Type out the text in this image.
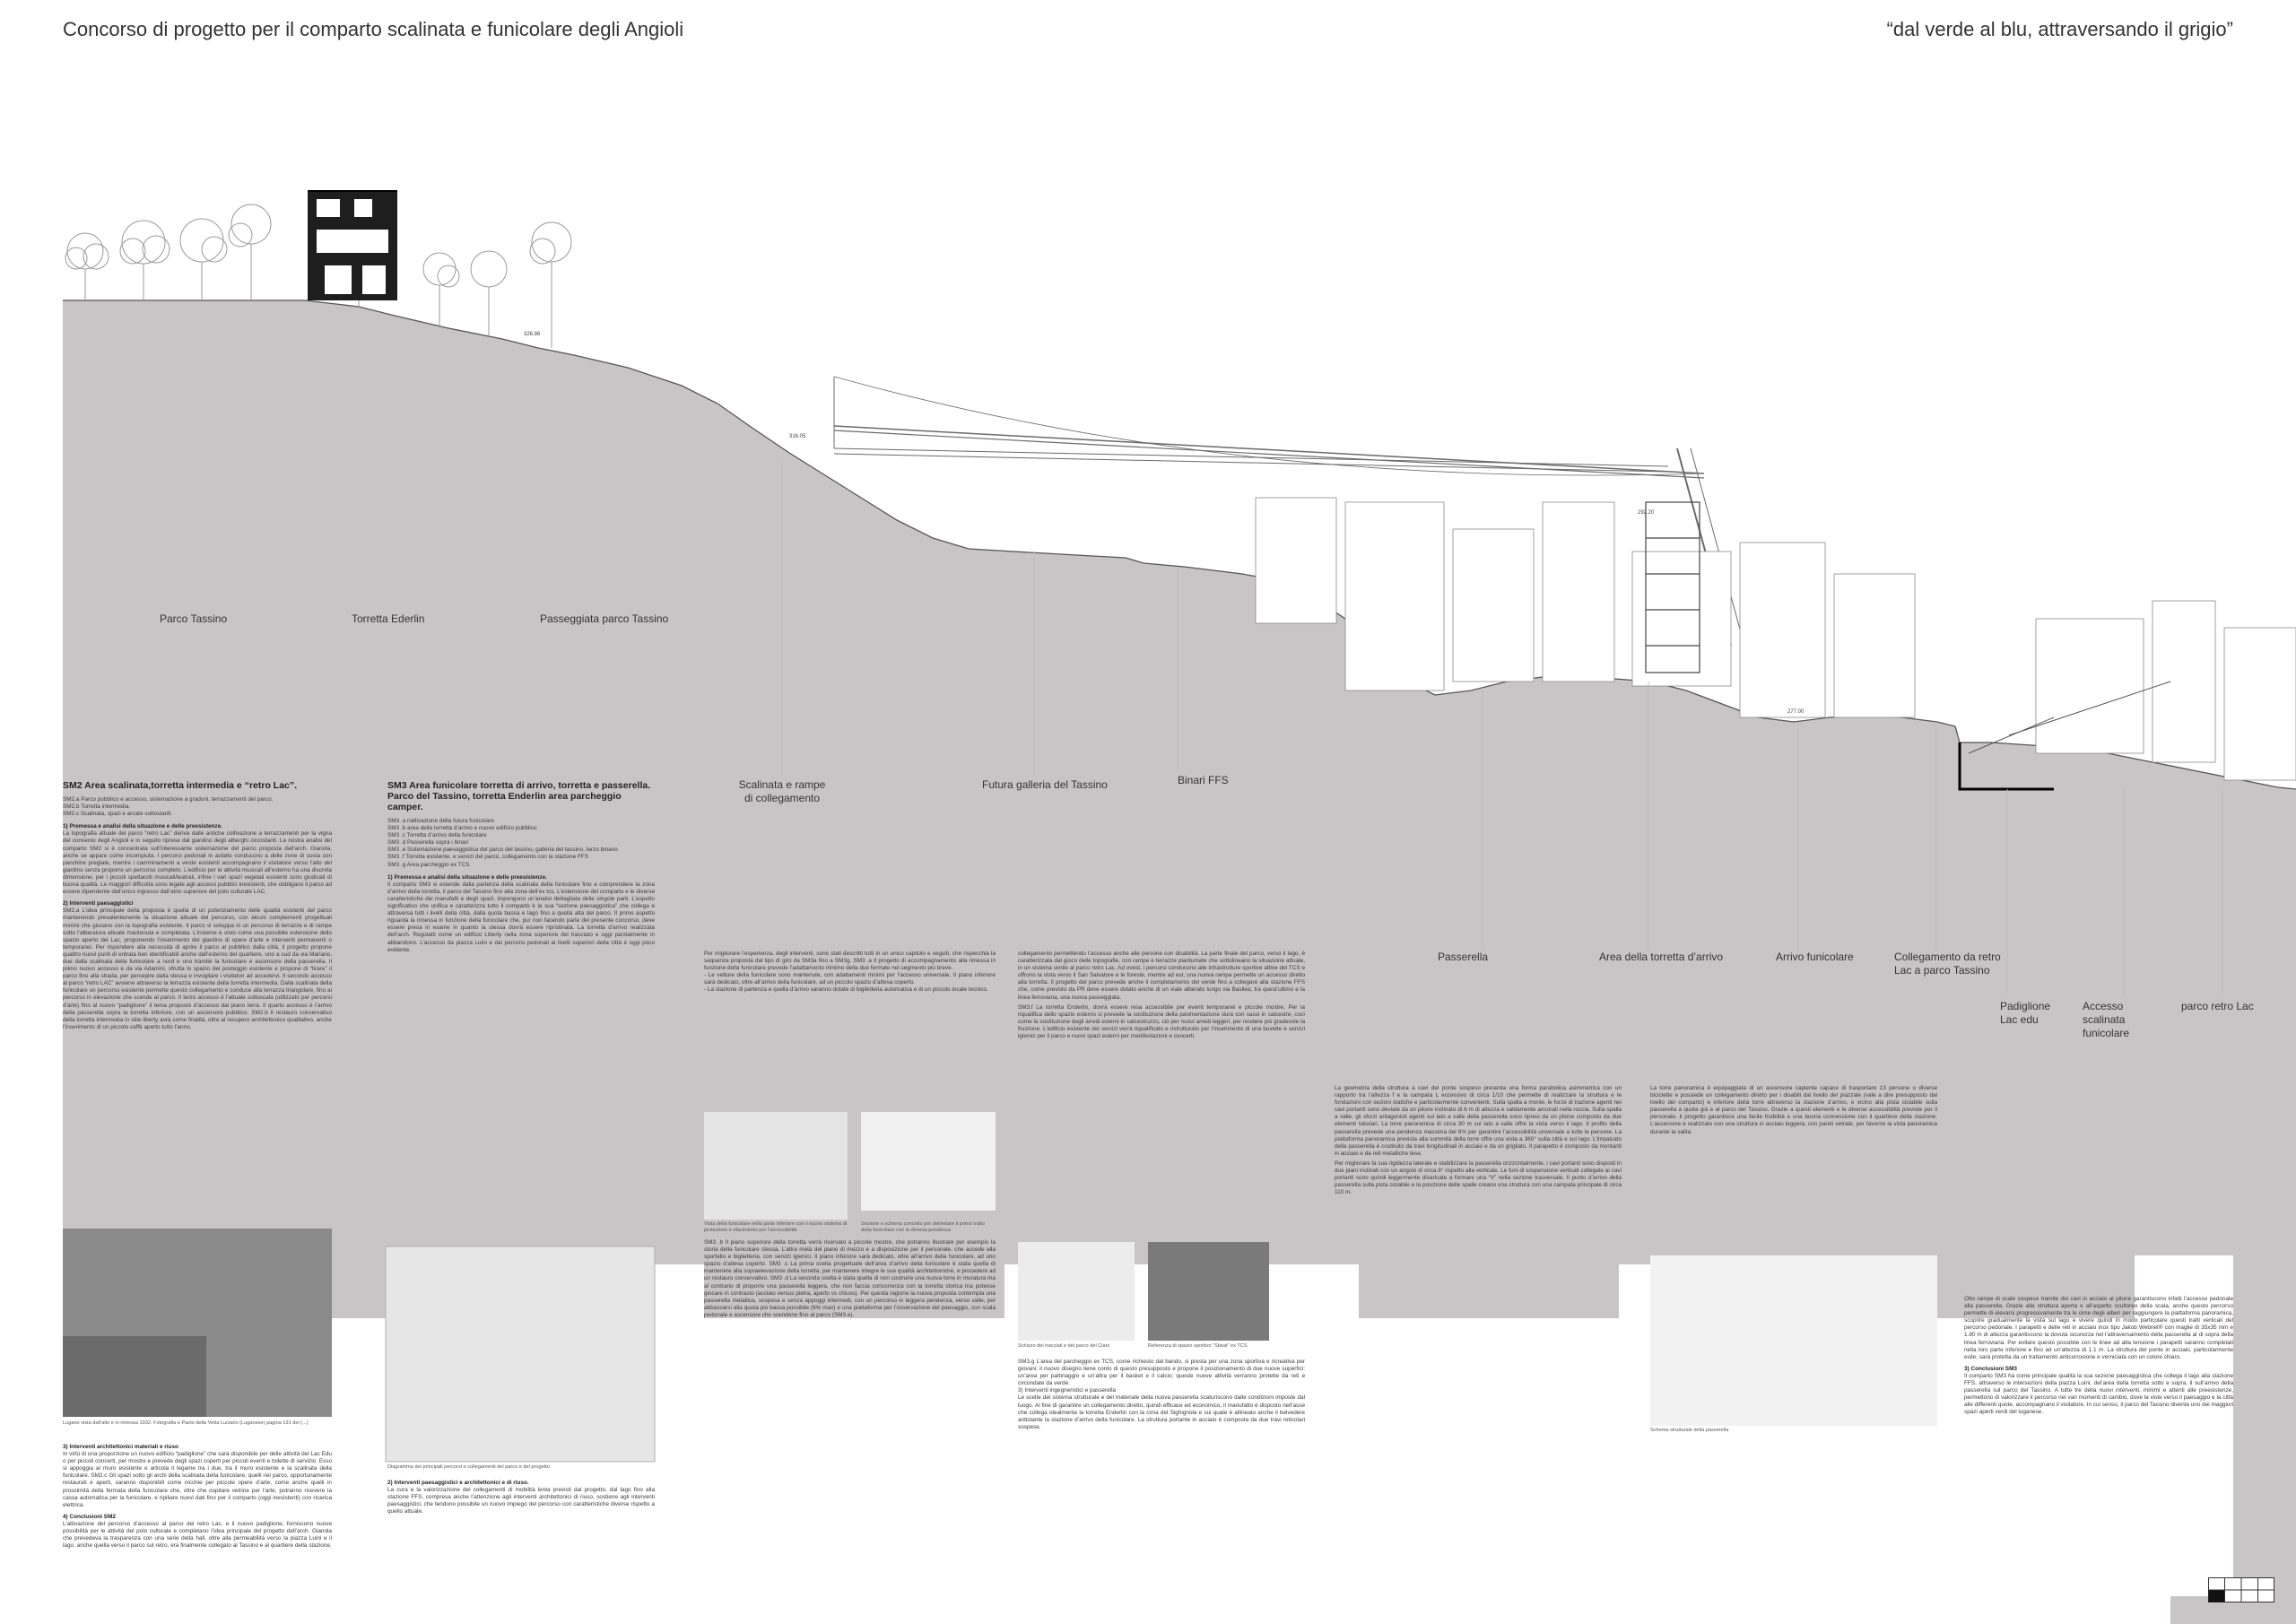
Concorso di progetto per il comparto scalinata e funicolare degli Angioli	“dal verde al blu, attraversando il grigio”
326.86
316.05
292.20
277.00
Parco Tassino	Torretta Ederlin	Passeggiata parco Tassino
Scalinata e rampe di collegamento
Futura galleria del Tassino	Binari FFS
Passerella	Area della torretta d’arrivo	Arrivo funicolare	Collegamento da retro Lac a parco Tassino
Padiglione Lac edu
Accesso scalinata funicolare
parco retro Lac
SM2 Area scalinata,torretta intermedia e “retro Lac”.
SM2.a Parco pubblico e accesso, sistemazione a gradoni, terrazzamenti del parco.
SM2.b Torretta intermedia.
SM2.c Scalinata, spazi e arcate sottostanti.
1) Premessa e analisi della situazione e delle preesistenze.

La topografia attuale del parco “retro Lac” deriva dalle antiche coltivazione a terrazzamenti per la vigna del convento degli Angioli e in seguito riprese dal giardino degli alberghi circostanti. La nostra analisi del comparto SM2 si è concentrata sull’interessante sistemazione del parco proposta dall’arch. Gianola, anche se appare come incompiuta. I percorsi pedonali in asfalto conducono a delle zone di sosta con panchine pregiate, mentre i camminamenti a verde esistenti accompagnano il visitatore verso l’alto del giardino senza proporre un percorso completo. L’edificio per le attività musicali all’esterno ha una discreta dimensione, per i piccoli spettacoli musicali/teatrali, infine i vari spazi vegetali esistenti sono giudicati di buona qualità. Le maggiori difficoltà sono legate agli accessi pubblici inesistenti, che obbligano il parco ad essere dipendente dall’unico ingresso dall’atrio superiore del polo culturale LAC.

2) Interventi paesaggistici

SM2.a L’idea principale della proposta è quella di un potenziamento delle qualità esistenti del parco mantenendo prevalentemente la situazione attuale del percorso, con alcuni complementi progettuali minimi che giocano con la topografia esistente. Il parco si sviluppa in un percorso di terrazze e di rampe sotto l’alberatura attuale mantenuta e completata. L’insieme è visto come una possibile estensione dello spazio aperto del Lac, proponendo l’inserimento del giardino di opere d’arte e interventi permanenti o temporanei. Per rispondere alla necessità di aprire il parco al pubblico dalla città, il progetto propone quattro nuovi punti di entrata ben identificabili anche dall’esterno del quartiere, uno a sud da via Mariano, due dalla scalinata della funicolare a nord e uno tramite la funicolare e ascensore della passerella. Il primo nuovo accesso è da via Adamini, sfrutta lo spazio del posteggio esistente e propone di “tirare” il parco fino alla strada, per percepire dalla stessa e invogliare i visitatori ad accedervi. Il secondo accesso al parco “retro LAC” avviene attraverso la terrazza esistente della torretta intermedia. Dalla scalinata della funicolare un percorso esistente permette questo collegamento e conduce alla terrazza triangolare, fino al percorso in elevazione che scende al parco. Il terzo accesso è l’attuale sottoscala (utilizzato per percorsi d’arte) fino al nuovo “padiglione” il tema proposto d’accesso dal piano terra. Il quarto accesso è l’arrivo della passerella sopra la torretta inferiore, con un ascensore pubblico. SM2.b Il restauro conservativo della torretta intermedia in stile liberty avrà come finalità, oltre al recupero architettonico qualitativo, anche l’inserimento di un piccolo caffè aperto tutto l’anno.

Lugano vista dall’alto e in rimessa 1932. Fotografia e Paolo della Vetta Luciano (Luganese) pagina 131 del (...)
3) Interventi architettonici materiali e riuso

In virtù di una proporzione un nuovo edificio “padiglione” che sarà disponibile per delle attività del Lac Edu o per piccoli concerti, per mostre e prevede degli spazi coperti per piccoli eventi e toilette di servizio. Esso si appoggia al muro esistente e articola il legame tra i due, tra il muro esistente e la scalinata della funicolare. SM2.c Gli spazi sotto gli archi della scalinata della funicolare, quelli nel parco, opportunamente restaurati e aperti, saranno disponibili come nicchie per piccole opere d’arte, come anche quelli in prossimità della fermata della funicolare che, oltre che ospitare vetrine per l’arte, potranno ricevere la cassa automatica per la funicolare, e ripiliare nuovi dati fino per il comparto (oggi inesistenti) con ricarica elettrica.

4) Conclusioni SM2

L’attivazione del percorso d’accesso al parco del retro Lac, e il nuovo padiglione, forniscono nuove possibilità per le attività del polo culturale e completano l’idea principale del progetto dell’arch. Gianola che prevedeva la trasparenza con una serie della hall, oltre alla permeabilità verso la piazza Luini e il lago, anche quella verso il parco sul retro, era finalmente collegato al Tassino e al quartiere della stazione.

SM3 Area funicolare torretta di arrivo, torretta e passerella. Parco del Tassino, torretta Enderlin area parcheggio camper.
SM3 .a riattivazione della futura funicolare
SM3 .b area della torretta d’arrivo e nuovo edificio pubblico
SM3 .c Torretta d’arrivo della funicolare
SM3 .d Passerella sopra i binari
SM3 .e Sistemazione paesaggistica del parco del tassino, galleria del tassino, terzo binario
SM3 .f Torretta esistente, e servizi del parco, collegamento con la stazione FFS
SM3 .g Area parcheggio ex TCS
1) Premessa e analisi della situazione e delle preesistenze.

Il comparto SM3 si estende dalla partenza della scalinata della funicolare fino a comprendere la zona d’arrivo della torretta, il parco del Tassino fino alla zona dell’ex tcs. L’estensione del comparto e le diverse caratteristiche dei manufatti e degli spazi, impongono un’analisi dettagliata delle singole parti. L’aspetto significativo che unifica e caratterizza tutto il comparto è la sua “sezione paesaggistica” che collega e attraversa tutti i livelli della città, dalla quota bassa e lago fino a quella alta del parco. Il primo aspetto riguarda la rimessa in funzione della funicolare che, pur non facendo parte del presente concorso, deve essere presa in esame in quanto la stessa dovrà essere ripristinata. La torretta d’arrivo realizzata dell’arch. Regolatti come un edificio Liberty nella zona superiore del tracciato e oggi parzialmente in abbandono. L’accesso da piazza Luini e dai percorsi pedonali ai livelli superiori della città è oggi poco evidente.

Diagramma dei principali percorsi e collegamenti del parco e del progetto
2) Interventi paesaggistici e architettonici e di riuso.

La cura e la valorizzazione dei collegamenti di mobilità lenta previsti dal progetto, dal lago fino alla stazione FFS, compresa anche l’attenzione agli interventi architettonici di riuso, sostiene agli interventi paesaggistici, che tendono possibile un nuovo impiego del percorso con caratteristiche diverse rispetto a quello attuale.

Per migliorare l’esperienza, degli interventi, sono stati descritti tutti in un unico capitolo e seguiti, che rispecchia la sequenza proposta dal tipo di giro da SM3a fino a SM3g. SM3 .a Il progetto di accompagnamento alla rimessa in funzione della funicolare prevede l’adattamento minimo della due fermate nel segmento più breve.
- Le vetture della funicolare sono mantenute, con adattamenti minimi per l’accesso universale. Il piano inferiore sarà dedicato, oltre all’arrivo della funicolare, ad un piccolo spazio d’attesa coperto.
- La stazione di partenza e quella d’arrivo saranno dotate di biglietteria automatica e di un piccolo locale tecnico.

Vista della funicolare nella parte inferiore con il nuovo sistema di protezione e rifacimento per l’accessibilità
Sezione e schema concetto per delimitare il primo tratto della funicolare con la diversa pendenza

SM3 .b Il piano superiore della torretta verrà riservato a piccole mostre, che potranno illustrare per esempio la storia della funicolare stessa. L’altra metà del piano di mezzo e a disposizione per il personale, che accede alla sportello e biglietteria, con servizi igienici. Il piano inferiore sarà dedicato, oltre all’arrivo della funicolare, ad uno spazio d’attesa coperto. SM3 .c La prima scelta progettuale dell’area d’arrivo della funicolare è stata quella di mantenere alla sopraelevazione della torretta, per mantenere integre le sue qualità architettoniche, e procedere ad un restauro conservativo. SM3 .d La seconda scelta è stata quella di non costruire una nuova torre in muratura ma al contrario di proporre una passerella leggera, che non faccia concorrenza con la torretta storica ma potesse giocare in contrasto (acciaio versus pietra, aperto vs chiuso). Per questa ragione la nuova proposta contempla una passerella metallica, sospesa e senza appoggi intermedi, con un percorso in leggera pendenza, verso valle, per abbassarsi alla quota più bassa possibile (6% max) e una piattaforma per l’osservazione del paesaggio, con scala pedonale e ascensore che scendono fino al parco (SM3.e).

collegamento permettendo l’accesso anche alle persone con disabilità. La parte finale del parco, verso il lago, è caratterizzata dal gioco delle topografie, con rampe e terrazze piantumate che sottolineano la situazione attuale, in un sistema simile al parco retro Lac. Ad ovest, i percorsi conducono alle infrastrutture sportive attive del TCS e offrono la vista verso il San Salvatore e le foreste, mentre ad est, una nuova rampa permette un accesso diretto alla torretta. Il progetto del parco prevede anche il completamento del verde fino a collegare alla stazione FFS che, come previsto da PR deve essere dotato anche di un viale alberato lungo via Basilea; tra quest’ultimo e la linea ferroviaria, una nuova passeggiata.

SM3.f La torretta Enderlin, dovrà essere resa accessibile per eventi temporanei e piccole mostre. Per la riqualifica dello spazio esterno si prevede la sostituzione della pavimentazione dura con sassi in calcestre, così come la sostituzione degli arredi esterni in calcestruzzo, ciò per nuovi arredi leggeri, per rendere più gradevole la fruizione. L’edificio esistente dei servizi verrà riqualificato e ristrutturato per l’inserimento di una buvette e servizi igienici per il parco e nuovi spazi esterni per manifestazioni e concerti.

Schizzo dei tracciati e del parco del Ciani	Referenza di spazio sportivo “Sbeat” ex TCS

SM3.g L’area del parcheggio ex TCS, come richiesto dal bando, si presta per una zona sportiva e ricreativa per giovani; il nuovo disegno tiene conto di questo presupposto e propone il posizionamento di due nuove superfici: un’area per pattinaggio e un’altra per il basket e il calcio; queste nuove attività verranno protette da reti e circondate da verde.
3) Interventi ingegneristici e passerella
Le scelte del sistema strutturale e del materiale della nuova passerella scaturiscono dalle condizioni imposte dal luogo. Al fine di garantire un collegamento diretto, quindi efficace ed economico, il manufatto è disposto nell’asse che collega idealmente la torretta Enderlin con la cima del Sighignola e sui quale è allineato anche il belvedere antistante la stazione d’arrivo della funicolare. La struttura portante in acciaio è composta da due travi reticolari sospese.

La geometria della struttura a cavi del ponte sospeso presenta una forma parabolica asimmetrica con un rapporto tra l’altezza f e la campata L eccessivo di circa 1/10 che permette di realizzare la struttura e le fondazioni con sezioni statiche e particolarmente convenienti. Sulla spalla a monte, le forze di trazione agenti nei cavi portanti sono deviate da un pilone inclinato di 6 m di altezza e saldamente ancorati nella roccia. Sulla spalla a valle, gli sforzi antagonisti agenti sul lato a valle della passerella sono ripresi da un pilone composto da due elementi tubolari. La torre panoramica di circa 30 m sul lato a valle offre la vista verso il lago. Il profilo della passerella prevede una pendenza massima del 6% per garantire l’accessibilità universale a tutte le persone. La piattaforma panoramica prevista alla sommità della torre offre una vista a 360° sulla città e sul lago. L’impalcato della passerella è costituito da travi longitudinali in acciaio e da un grigliato. Il parapetto è composto da montanti in acciaio e da reti metalliche tese.

Per migliorare la sua rigidezza laterale e stabilizzare la passerella orizzontalmente, i cavi portanti sono disposti in due piani inclinati con un angolo di circa 8° rispetto alla verticale. Le funi di sospensione verticali collegate ai cavi portanti sono quindi leggermente divaricate a formare una “V” nella sezione trasversale. Il punto d’arrivo della passerella sulla pista ciclabile e la posizione delle spalle creano una struttura con una campata principale di circa 110 m.

La torre panoramica è equipaggiata di un ascensore capiente capace di trasportare 13 persone o diverse biciclette e possiede un collegamento diretto per i disabili dal livello del piazzale (vale a dire presupposto dal livello del comparto) e inferiore della torre attraverso la stazione d’arrivo, e vicino alla pista ciclabile sulla passerella a quota già e al parco del Tassino. Grazie a questi elementi e le diverse accessibilità previste per il personale, il progetto garantisce una facile fruibilità e una buona connessione con il quartiere della stazione. L’ascensore è realizzato con una struttura in acciaio leggera, con pareti vetrate, per favorire la vista panoramica durante la salita.

Schema strutturale della passerella

Otto rampe di scale sospese tramite dei cavi in acciaio al pilone garantiscono infatti l’accesso pedonale alla passerella. Grazie alla struttura aperta e all’aspetto scultoreo della scala, anche questo percorso permette di elevarsi progressivamente tra le cime degli alberi per raggiungere la piattaforma panoramica, scoprire gradualmente la vista sul lago e vivere quindi in modo particolare questi tratti verticali del percorso pedonale. I parapetti e delle reti in acciaio inox tipo Jakob Webnet® con maglie di 35x35 mm e 1.80 m di altezza garantiscono la dovuta sicurezza nel l’attraversamento della passerella al di sopra della linea ferroviaria. Per evitare questo possibile con le linee ad alta tensione i parapetti saranno completati nella loro parte inferiore e fino ad un’altezza di 1.1 m. La struttura del ponte in acciaio, particolarmente esile, sarà protetta da un trattamento anticorrosione e verniciata con un colore chiaro.

3) Conclusioni SM3

Il comparto SM3 ha come principale qualità la sua sezione paesaggistica che collega il lago alla stazione FFS, attraverso le intersezioni della piazza Luini, del’area della torretta sotto e sopra, il sull’arrivo della passerella sul parco del Tassino. A tutte tre della nuovi interventi, minimi e attenti alle preesistenze, permettono di valorizzare il percorso nei vari momenti di cambio, dove la viste verso il paesaggio e la città alle differenti quote, accompagnano il visitatore. In cui senso, il parco del Tassino diventa uno dei maggiori spazi aperti verdi del luganese.
